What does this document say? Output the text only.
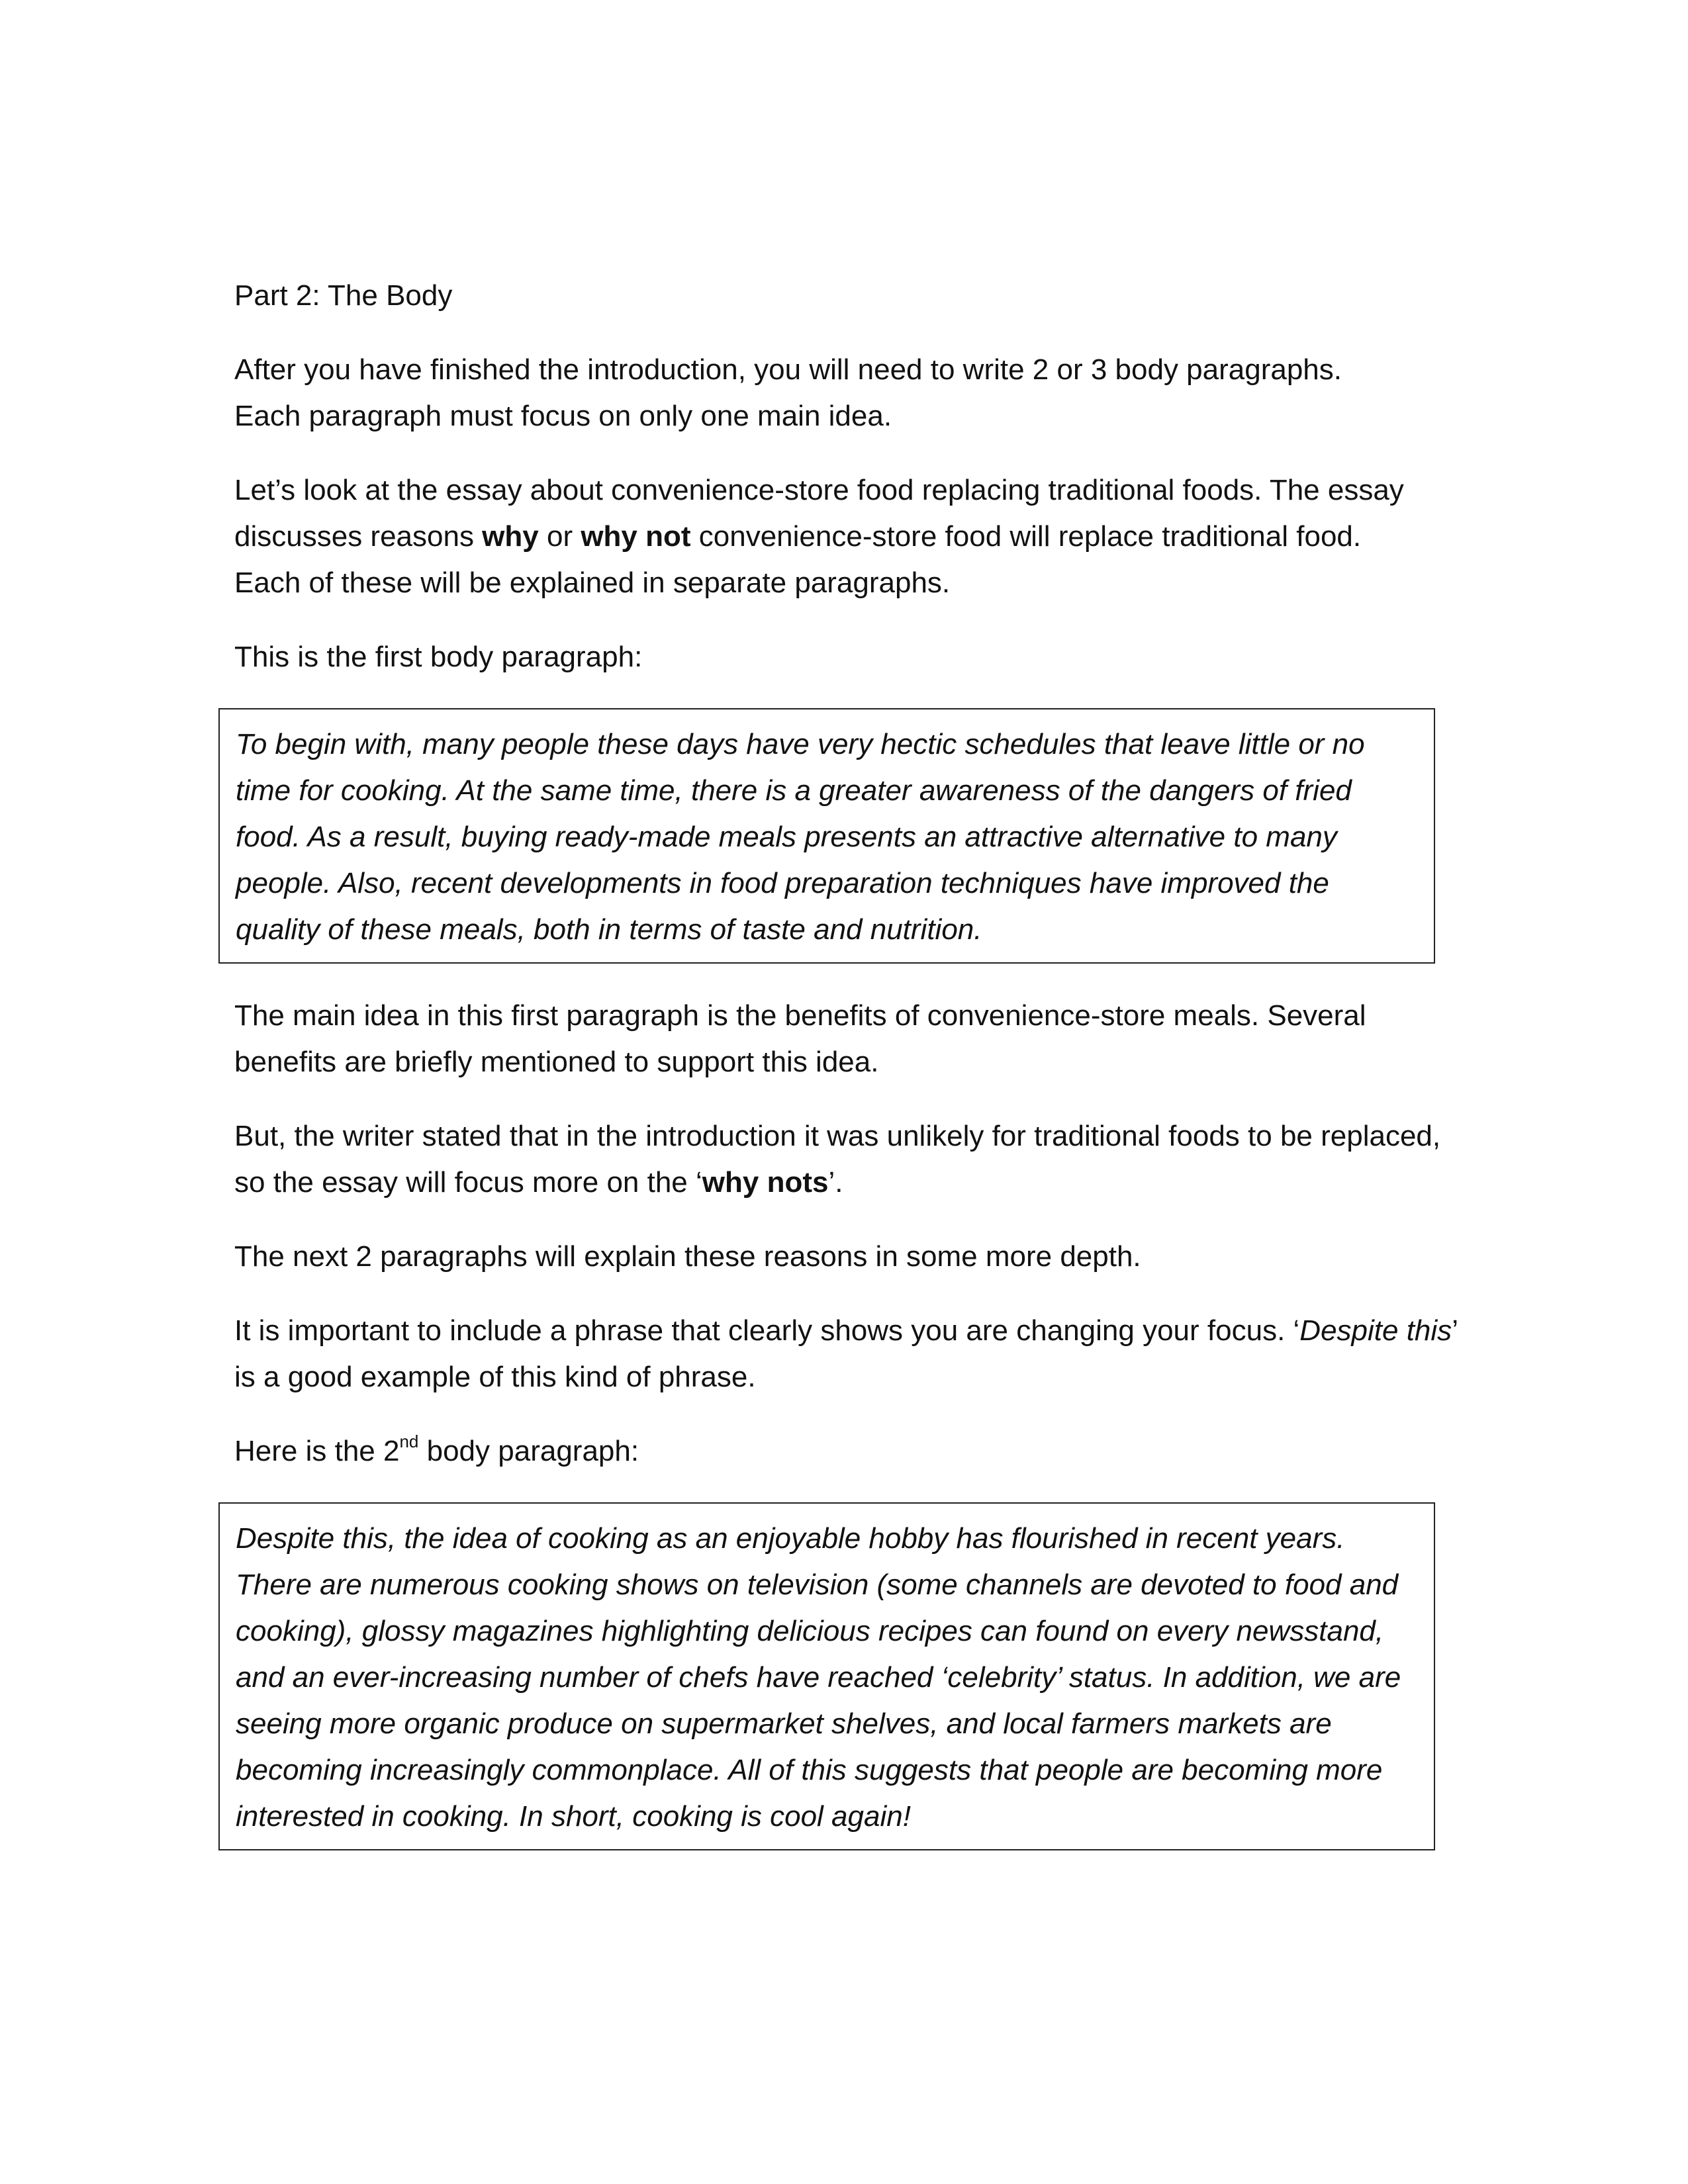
Part 2: The Body

After you have finished the introduction, you will need to write 2 or 3 body paragraphs.
Each paragraph must focus on only one main idea.

Let’s look at the essay about convenience-store food replacing traditional foods. The essay discusses reasons why or why not convenience-store food will replace traditional food.
Each of these will be explained in separate paragraphs.

This is the first body paragraph:

To begin with, many people these days have very hectic schedules that leave little or no time for cooking. At the same time, there is a greater awareness of the dangers of fried food. As a result, buying ready-made meals presents an attractive alternative to many people. Also, recent developments in food preparation techniques have improved the quality of these meals, both in terms of taste and nutrition.

The main idea in this first paragraph is the benefits of convenience-store meals. Several benefits are briefly mentioned to support this idea.

But, the writer stated that in the introduction it was unlikely for traditional foods to be replaced, so the essay will focus more on the ‘why nots’.

The next 2 paragraphs will explain these reasons in some more depth.

It is important to include a phrase that clearly shows you are changing your focus. ‘Despite this’ is a good example of this kind of phrase.

Here is the 2nd body paragraph:

Despite this, the idea of cooking as an enjoyable hobby has flourished in recent years. There are numerous cooking shows on television (some channels are devoted to food and cooking), glossy magazines highlighting delicious recipes can found on every newsstand, and an ever-increasing number of chefs have reached ‘celebrity’ status. In addition, we are seeing more organic produce on supermarket shelves, and local farmers markets are becoming increasingly commonplace. All of this suggests that people are becoming more interested in cooking. In short, cooking is cool again!
